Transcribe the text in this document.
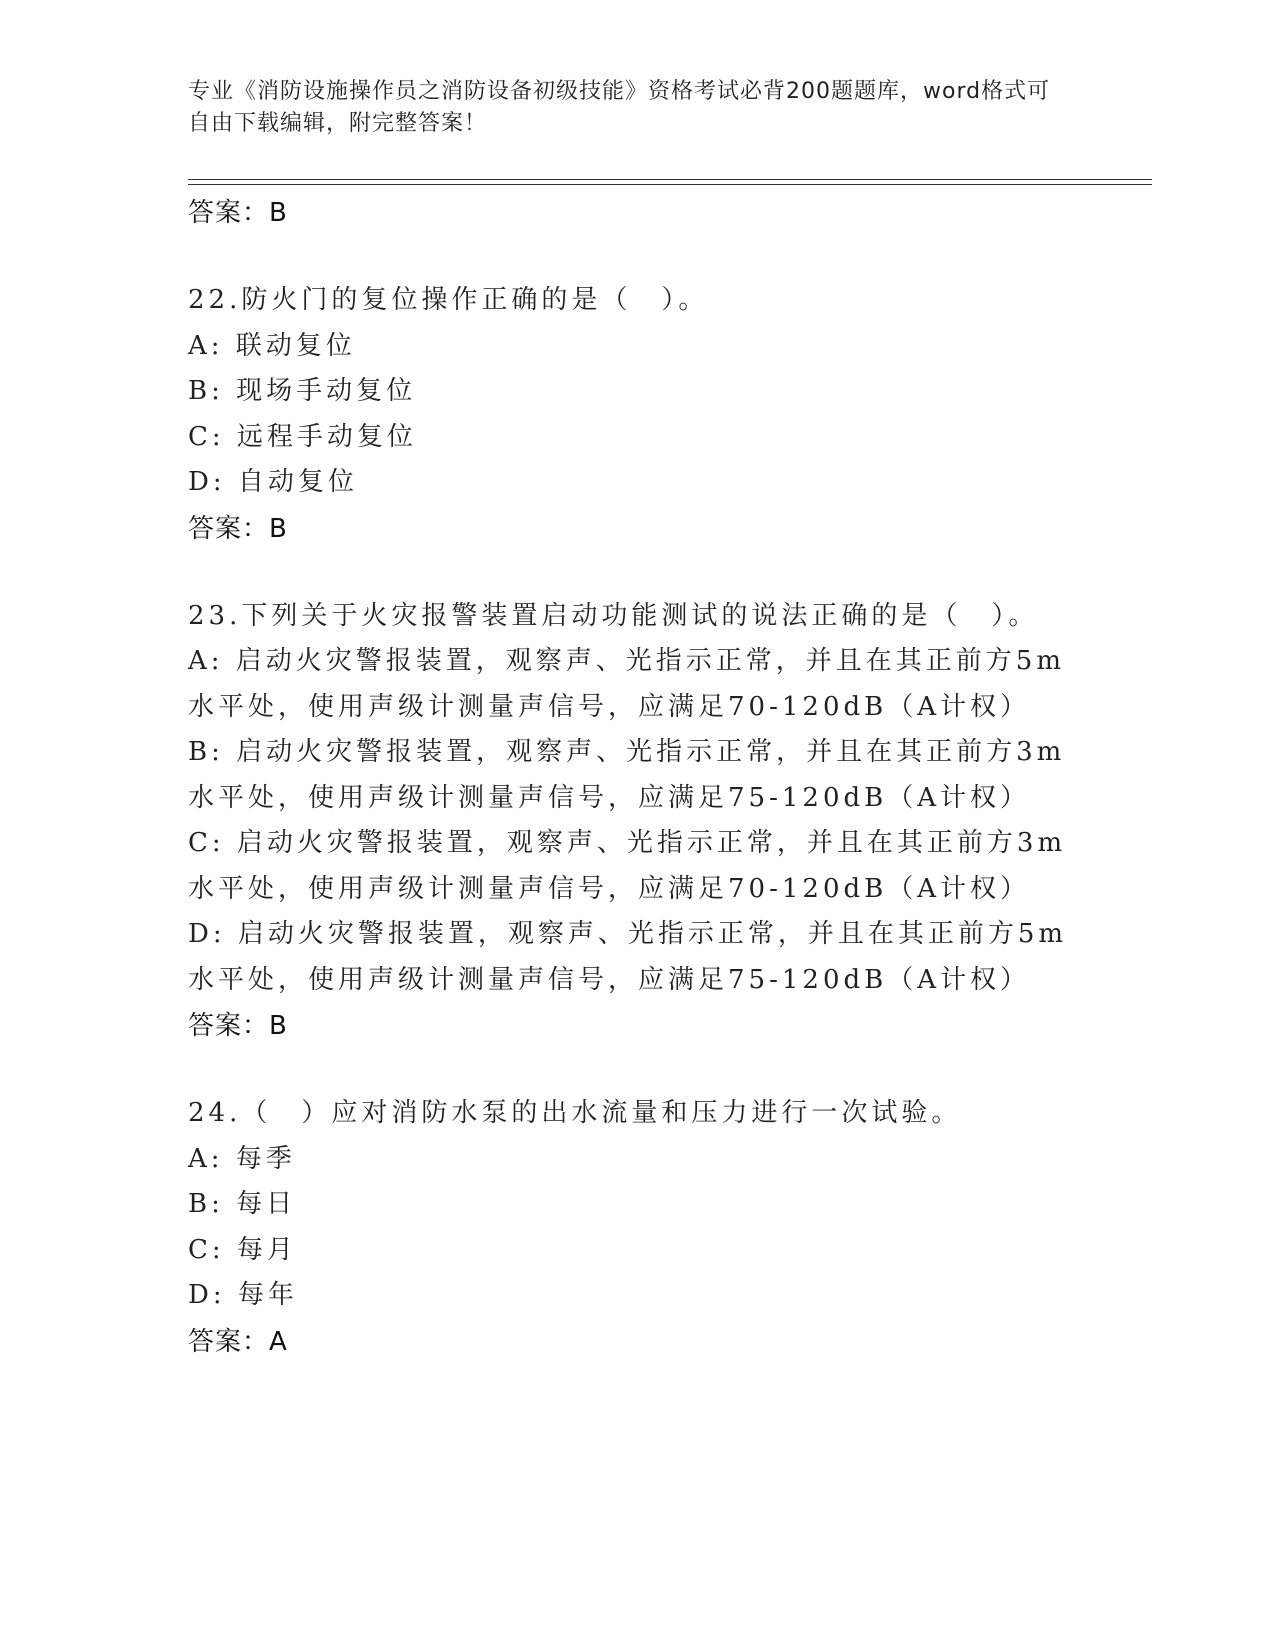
专业《消防设施操作员之消防设备初级技能》资格考试必背200题题库，word格式可自由下载编辑，附完整答案！
答案：B
22.防火门的复位操作正确的是（　）。
A: 联动复位
B: 现场手动复位
C: 远程手动复位
D: 自动复位
答案：B
23.下列关于火灾报警装置启动功能测试的说法正确的是（　）。
A: 启动火灾警报装置，观察声、光指示正常，并且在其正前方5m水平处，使用声级计测量声信号，应满足70-120dB（A计权）
B: 启动火灾警报装置，观察声、光指示正常，并且在其正前方3m水平处，使用声级计测量声信号，应满足75-120dB（A计权）
C: 启动火灾警报装置，观察声、光指示正常，并且在其正前方3m水平处，使用声级计测量声信号，应满足70-120dB（A计权）
D: 启动火灾警报装置，观察声、光指示正常，并且在其正前方5m水平处，使用声级计测量声信号，应满足75-120dB（A计权）
答案：B
24.（　）应对消防水泵的出水流量和压力进行一次试验。
A: 每季
B: 每日
C: 每月
D: 每年
答案：A
